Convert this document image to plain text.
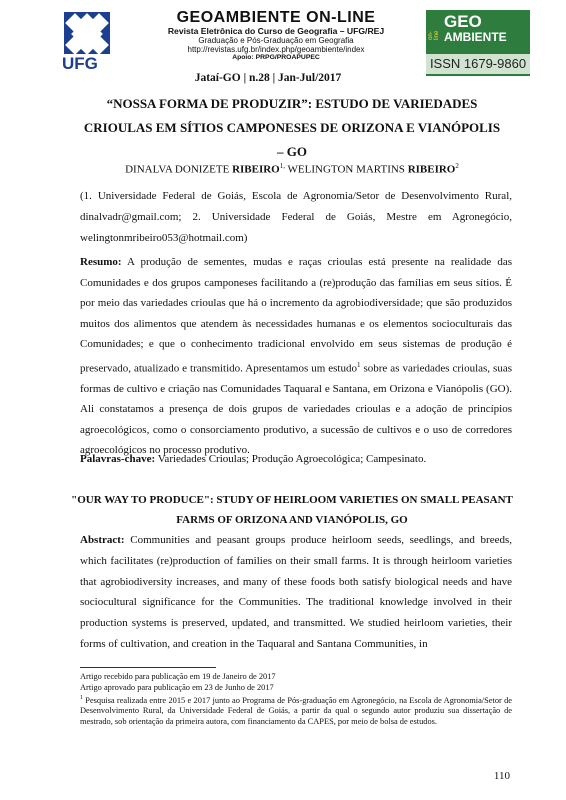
UFG
GEOAMBIENTE ON-LINE
Revista Eletrônica do Curso de Geografia – UFG/REJ
Graduação e Pós-Graduação em Geografia
http://revistas.ufg.br/index.php/geoambiente/index
Apoio: PRPG/PROAPUPEC
on-line
GEO
AMBIENTE
ISSN 1679-9860
Jataí-GO | n.28 | Jan-Jul/2017
“NOSSA FORMA DE PRODUZIR”: ESTUDO DE VARIEDADES CRIOULAS EM SÍTIOS CAMPONESES DE ORIZONA E VIANÓPOLIS – GO
DINALVA DONIZETE $RIBEIRO^{1,}$ WELINGTON MARTINS RIBEIRO$^2$
(1. Universidade Federal de Goiás, Escola de Agronomia/Setor de Desenvolvimento Rural, dinalvadr@gmail.com; 2. Universidade Federal de Goiás, Mestre em Agronegócio, welingtonmribeiro053@hotmail.com)
Resumo: A produção de sementes, mudas e raças crioulas está presente na realidade das Comunidades e dos grupos camponeses facilitando a (re)produção das famílias em seus sítios. É por meio das variedades crioulas que há o incremento da agrobiodiversidade; que são produzidos muitos dos alimentos que atendem às necessidades humanas e os elementos socioculturais das Comunidades; e que o conhecimento tradicional envolvido em seus sistemas de produção é preservado, atualizado e transmitido. Apresentamos um estudo$^1$ sobre as variedades crioulas, suas formas de cultivo e criação nas Comunidades Taquaral e Santana, em Orizona e Vianópolis (GO). Ali constatamos a presença de dois grupos de variedades crioulas e a adoção de princípios agroecológicos, como o consorciamento produtivo, a sucessão de cultivos e o uso de corredores agroecológicos no processo produtivo.
Palavras-chave: Variedades Crioulas; Produção Agroecológica; Campesinato.
"OUR WAY TO PRODUCE": STUDY OF HEIRLOOM VARIETIES ON SMALL PEASANT FARMS OF ORIZONA AND VIANÓPOLIS, GO
Abstract: Communities and peasant groups produce heirloom seeds, seedlings, and breeds, which facilitates (re)production of families on their small farms. It is through heirloom varieties that agrobiodiversity increases, and many of these foods both satisfy biological needs and have sociocultural significance for the Communities. The traditional knowledge involved in their production systems is preserved, updated, and transmitted. We studied heirloom varieties, their forms of cultivation, and creation in the Taquaral and Santana Communities, in
Artigo recebido para publicação em 19 de Janeiro de 2017
Artigo aprovado para publicação em 23 de Junho de 2017
$^1$ Pesquisa realizada entre 2015 e 2017 junto ao Programa de Pós-graduação em Agronegócio, na Escola de Agronomia/Setor de Desenvolvimento Rural, da Universidade Federal de Goiás, a partir da qual o segundo autor produziu sua dissertação de mestrado, sob orientação da primeira autora, com financiamento da CAPES, por meio de bolsa de estudos.
110
